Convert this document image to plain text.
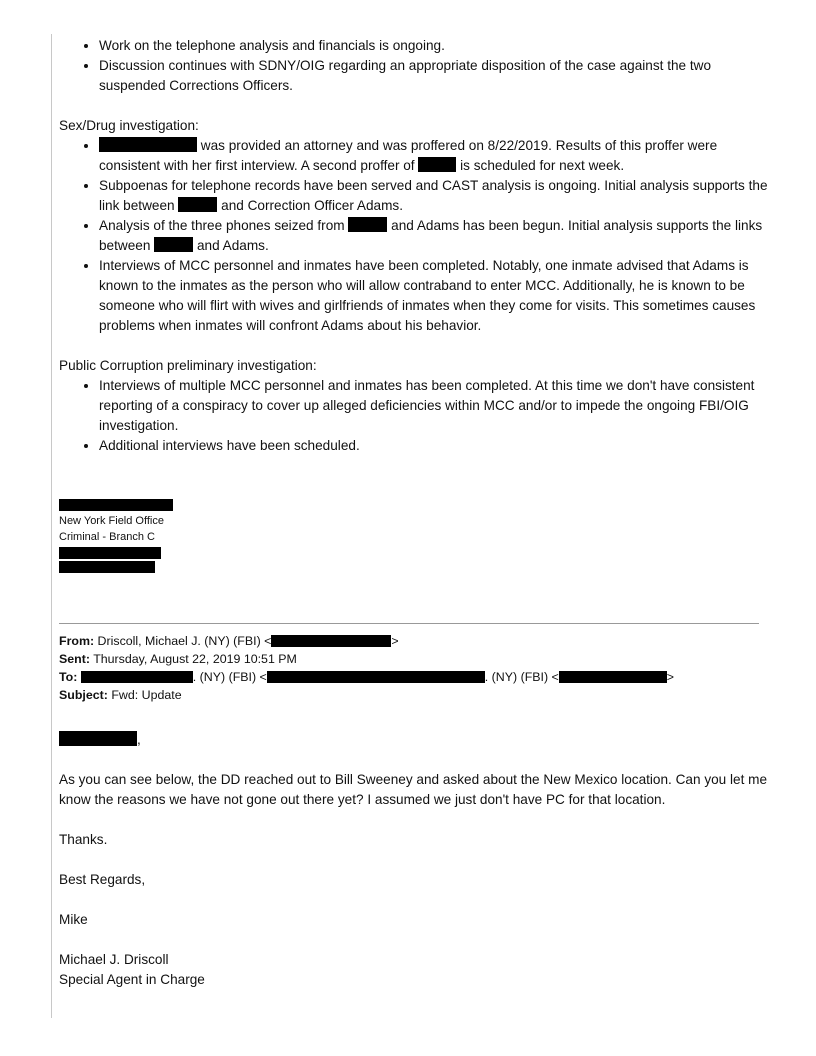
• Work on the telephone analysis and financials is ongoing.
• Discussion continues with SDNY/OIG regarding an appropriate disposition of the case against the two suspended Corrections Officers.

Sex/Drug investigation:

• was provided an attorney and was proffered on 8/22/2019. Results of this proffer were consistent with her first interview. A second proffer of	is scheduled for next week.
• Subpoenas for telephone records have been served and CAST analysis is ongoing. Initial analysis supports the link between	and Correction Officer Adams.
• Analysis of the three phones seized from	and Adams has been begun. Initial analysis supports the links between	and Adams.
• Interviews of MCC personnel and inmates have been completed. Notably, one inmate advised that Adams is known to the inmates as the person who will allow contraband to enter MCC. Additionally, he is known to be someone who will flirt with wives and girlfriends of inmates when they come for visits. This sometimes causes problems when inmates will confront Adams about his behavior.

Public Corruption preliminary investigation:

• Interviews of multiple MCC personnel and inmates has been completed. At this time we don't have consistent reporting of a conspiracy to cover up alleged deficiencies within MCC and/or to impede the ongoing FBI/OIG investigation.
• Additional interviews have been scheduled.
New York Field Office
Criminal - Branch C
From: Driscoll, Michael J. (NY) (FBI) <	>
Sent: Thursday, August 22, 2019 10:51 PM
To:	. (NY) (FBI) <	. (NY) (FBI) <	>
Subject: Fwd: Update

,

As you can see below, the DD reached out to Bill Sweeney and asked about the New Mexico location. Can you let me know the reasons we have not gone out there yet? I assumed we just don't have PC for that location.

Thanks.

Best Regards,

Mike

Michael J. Driscoll

Special Agent in Charge
